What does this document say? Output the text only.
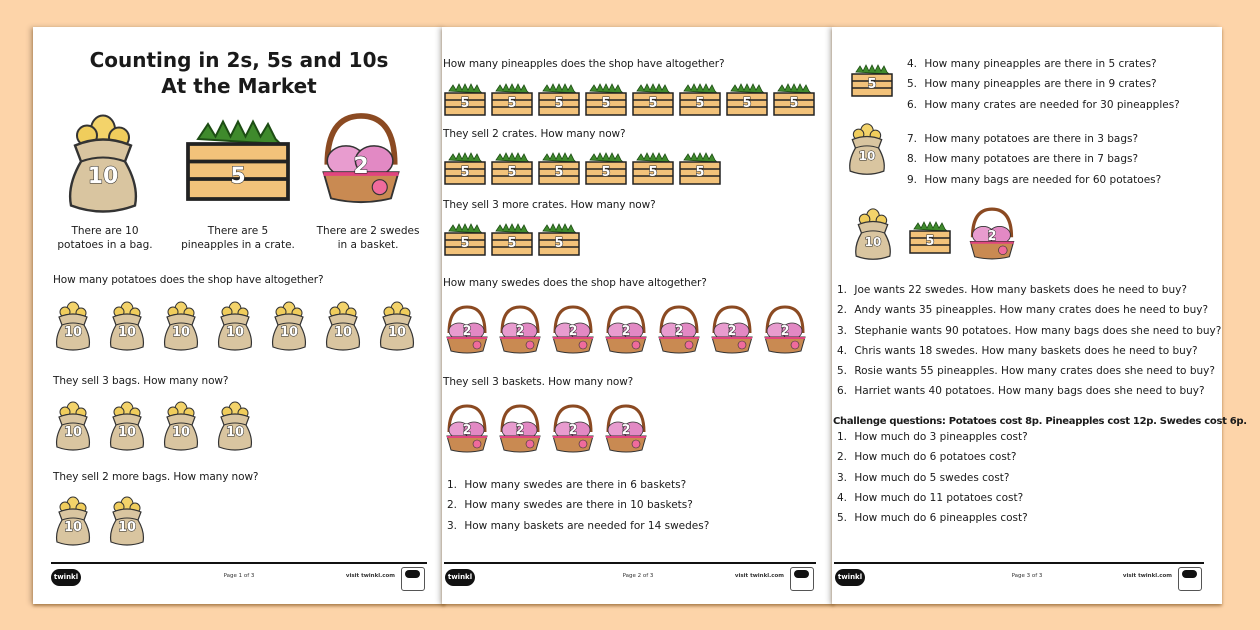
Counting in 2s, 5s and 10s
At the Market
10	5	2
There are 10
potatoes in a bag.
There are 5
pineapples in a crate.
There are 2 swedes
in a basket.
How many potatoes does the shop have altogether?
10	10	10	10	10	10	10
They sell 3 bags. How many now?
10	10	10	10
They sell 2 more bags. How many now?
10	10
twinkl	Page 1 of 3	visit twinkl.com
How many pineapples does the shop have altogether?
5	5	5	5	5	5	5	5
They sell 2 crates. How many now?
5	5	5	5	5	5
They sell 3 more crates. How many now?
5	5	5
How many swedes does the shop have altogether?
2	2	2	2	2	2	2
They sell 3 baskets. How many now?
2	2	2	2
1. How many swedes are there in 6 baskets?
2. How many swedes are there in 10 baskets?
3. How many baskets are needed for 14 swedes?
twinkl	Page 2 of 3	visit twinkl.com
5
4. How many pineapples are there in 5 crates?
5. How many pineapples are there in 9 crates?
6. How many crates are needed for 30 pineapples?
10
7. How many potatoes are there in 3 bags?
8. How many potatoes are there in 7 bags?
9. How many bags are needed for 60 potatoes?
10	5	2
1. Joe wants 22 swedes. How many baskets does he need to buy?
2. Andy wants 35 pineapples. How many crates does he need to buy?
3. Stephanie wants 90 potatoes. How many bags does she need to buy?
4. Chris wants 18 swedes. How many baskets does he need to buy?
5. Rosie wants 55 pineapples. How many crates does she need to buy?
6. Harriet wants 40 potatoes. How many bags does she need to buy?
Challenge questions: Potatoes cost 8p. Pineapples cost 12p. Swedes cost 6p.
1. How much do 3 pineapples cost?
2. How much do 6 potatoes cost?
3. How much do 5 swedes cost?
4. How much do 11 potatoes cost?
5. How much do 6 pineapples cost?
twinkl	Page 3 of 3	visit twinkl.com
